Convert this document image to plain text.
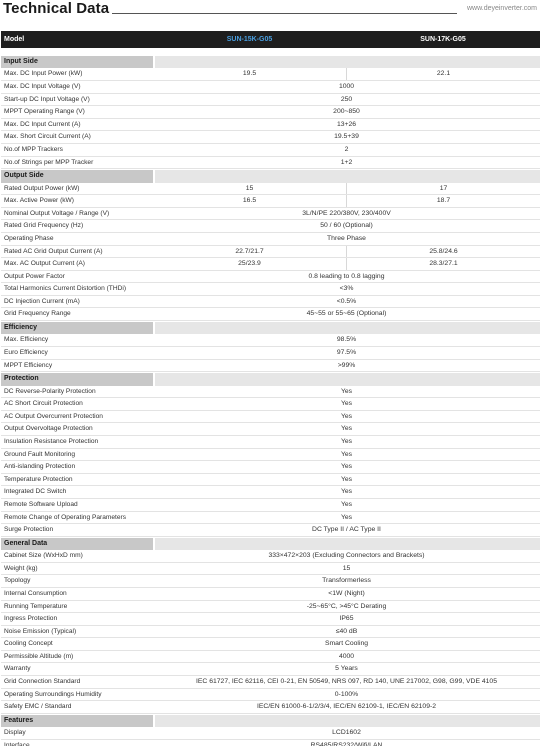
Technical Data	www.deyeinverter.com
Model	SUN-15K-G05	SUN-17K-G05
Input Side
Max. DC Input Power (kW)	19.5	22.1
Max. DC Input Voltage (V)	1000
Start-up DC Input Voltage (V)	250
MPPT Operating Range (V)	200~850
Max. DC Input Current (A)	13+26
Max. Short Circuit Current (A)	19.5+39
No.of MPP Trackers	2
No.of Strings per MPP Tracker	1+2
Output Side
Rated Output Power (kW)	15	17
Max. Active Power (kW)	16.5	18.7
Nominal Output Voltage / Range (V)	3L/N/PE 220/380V, 230/400V
Rated Grid Frequency (Hz)	50 / 60 (Optional)
Operating Phase	Three Phase
Rated AC Grid Output Current (A)	22.7/21.7	25.8/24.6
Max. AC Output Current (A)	25/23.9	28.3/27.1
Output Power Factor	0.8 leading to 0.8 lagging
Total Harmonics Current Distortion (THDi)	<3%
DC Injection Current (mA)	<0.5%
Grid Frequency Range	45~55 or 55~65 (Optional)
Efficiency
Max. Efficiency	98.5%
Euro Efficiency	97.5%
MPPT Efficiency	>99%
Protection
DC Reverse-Polarity Protection	Yes
AC Short Circuit Protection	Yes
AC Output Overcurrent Protection	Yes
Output Overvoltage Protection	Yes
Insulation Resistance Protection	Yes
Ground Fault Monitoring	Yes
Anti-islanding Protection	Yes
Temperature Protection	Yes
Integrated DC Switch	Yes
Remote Software Upload	Yes
Remote Change of Operating Parameters	Yes
Surge Protection	DC Type II / AC Type II
General Data
Cabinet Size (WxHxD mm)	333×472×203 (Excluding Connectors and Brackets)
Weight (kg)	15
Topology	Transformerless
Internal Consumption	<1W (Night)
Running Temperature	-25~65°C, >45°C Derating
Ingress Protection	IP65
Noise Emission (Typical)	≤40 dB
Cooling Concept	Smart Cooling
Permissible Altitude (m)	4000
Warranty	5 Years
Grid Connection Standard	IEC 61727, IEC 62116, CEI 0-21, EN 50549, NRS 097, RD 140, UNE 217002, G98, G99, VDE 4105
Operating Surroundings Humidity	0-100%
Safety EMC / Standard	IEC/EN 61000-6-1/2/3/4, IEC/EN 62109-1, IEC/EN 62109-2
Features
Display	LCD1602
Interface	RS485/RS232/Wifi/LAN
